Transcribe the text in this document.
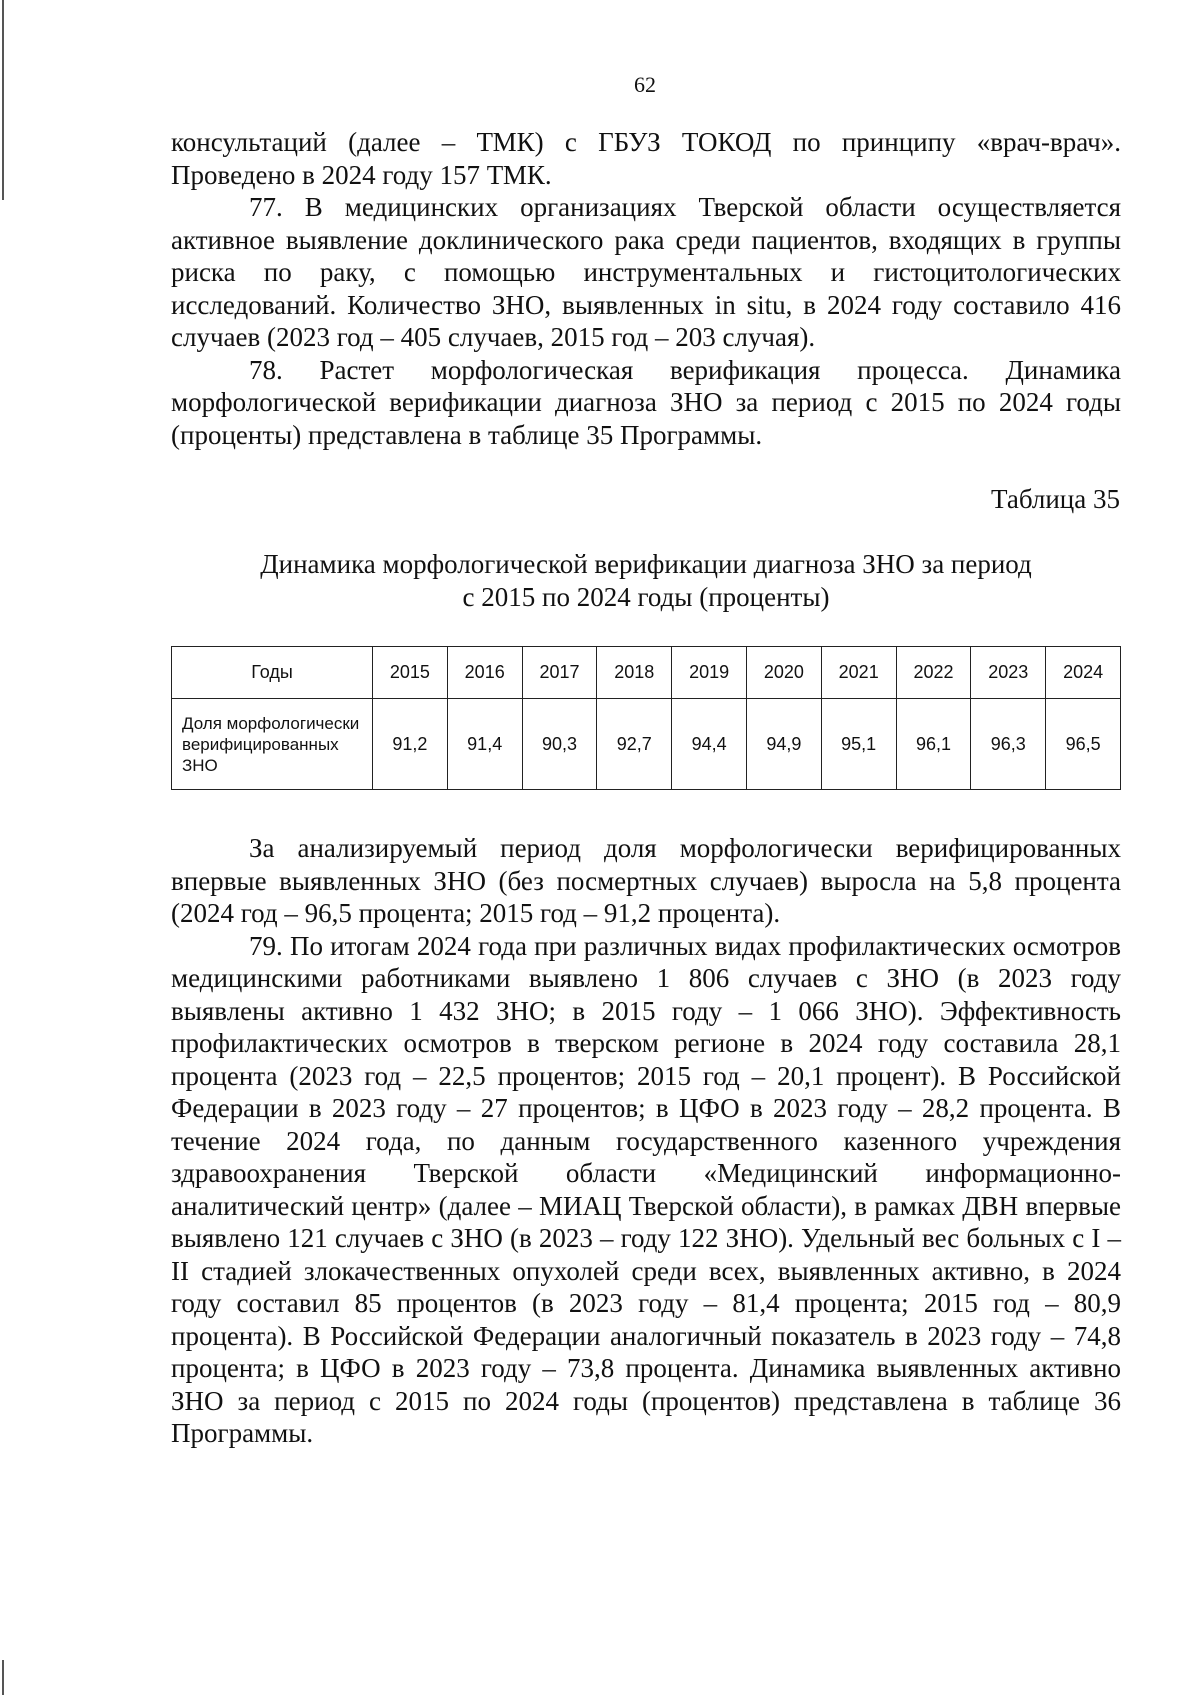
62

консультаций (далее – ТМК) с ГБУЗ ТОКОД по принципу «врач-врач». Проведено в 2024 году 157 ТМК.

77. В медицинских организациях Тверской области осуществляется активное выявление доклинического рака среди пациентов, входящих в группы риска по раку, с помощью инструментальных и гистоцитологических исследований. Количество ЗНО, выявленных in situ, в 2024 году составило 416 случаев (2023 год – 405 случаев, 2015 год – 203 случая).

78. Растет морфологическая верификация процесса. Динамика морфологической верификации диагноза ЗНО за период с 2015 по 2024 годы (проценты) представлена в таблице 35 Программы.

Таблица 35
Динамика морфологической верификации диагноза ЗНО за период
с 2015 по 2024 годы (проценты)
Годы	2015	2016	2017	2018	2019	2020	2021	2022	2023	2024
Доля морфологически верифицированных ЗНО	91,2	91,4	90,3	92,7	94,4	94,9	95,1	96,1	96,3	96,5

За анализируемый период доля морфологически верифицированных впервые выявленных ЗНО (без посмертных случаев) выросла на 5,8 процента (2024 год – 96,5 процента; 2015 год – 91,2 процента).

79. По итогам 2024 года при различных видах профилактических осмотров медицинскими работниками выявлено 1 806 случаев с ЗНО (в 2023 году выявлены активно 1 432 ЗНО; в 2015 году – 1 066 ЗНО). Эффективность профилактических осмотров в тверском регионе в 2024 году составила 28,1 процента (2023 год – 22,5 процентов; 2015 год – 20,1 процент). В Российской Федерации в 2023 году – 27 процентов; в ЦФО в 2023 году – 28,2 процента. В течение 2024 года, по данным государственного казенного учреждения здравоохранения Тверской области «Медицинский информационно-аналитический центр» (далее – МИАЦ Тверской области), в рамках ДВН впервые выявлено 121 случаев с ЗНО (в 2023 – году 122 ЗНО). Удельный вес больных с I – II стадией злокачественных опухолей среди всех, выявленных активно, в 2024 году составил 85 процентов (в 2023 году – 81,4 процента; 2015 год – 80,9 процента). В Российской Федерации аналогичный показатель в 2023 году – 74,8 процента; в ЦФО в 2023 году – 73,8 процента. Динамика выявленных активно ЗНО за период с 2015 по 2024 годы (процентов) представлена в таблице 36 Программы.
